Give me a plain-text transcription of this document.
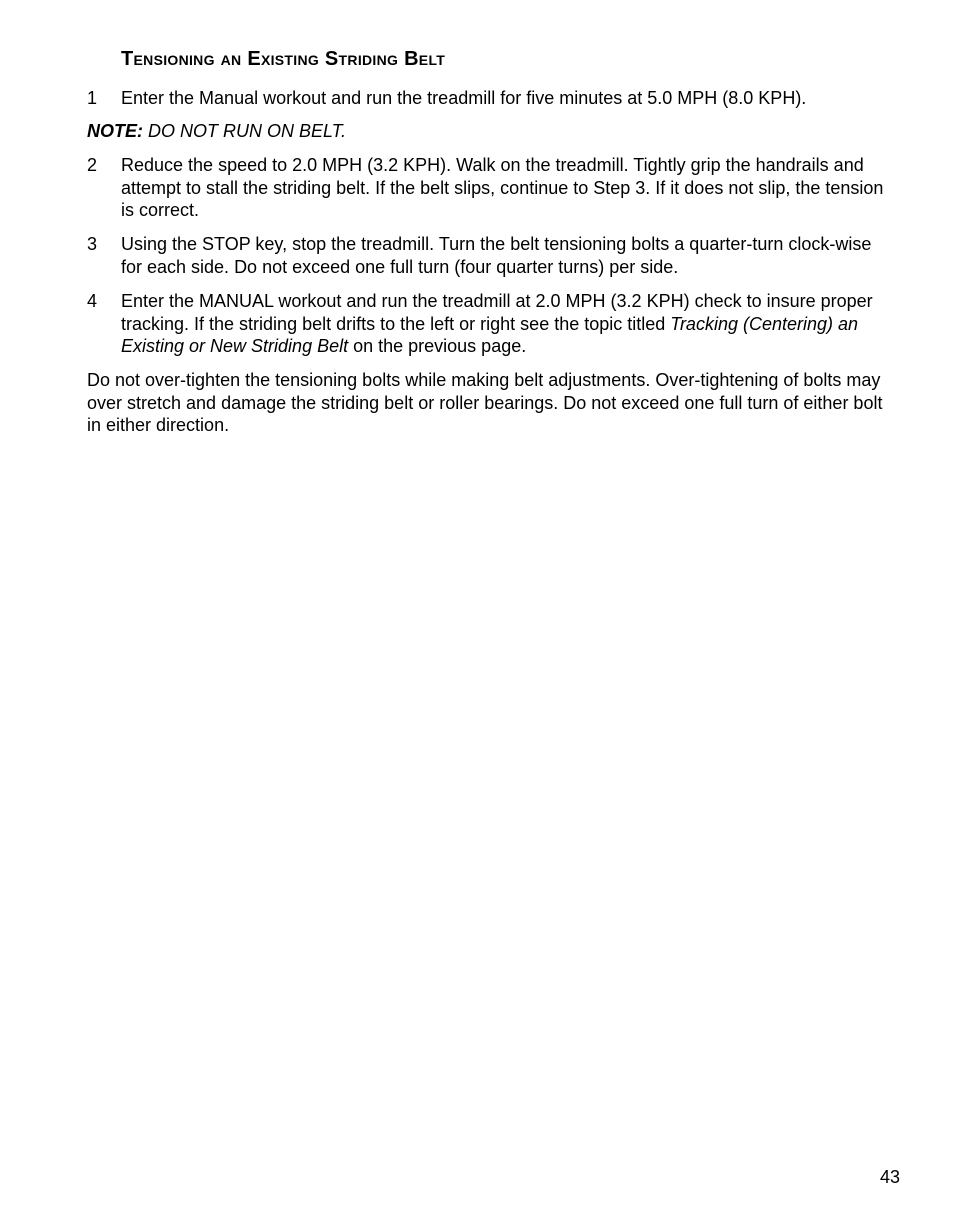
Tensioning an Existing Striding Belt
1	Enter the Manual workout and run the treadmill for five minutes at 5.0 MPH (8.0 KPH).
NOTE: DO NOT RUN ON BELT.
2	Reduce the speed to 2.0 MPH (3.2 KPH). Walk on the treadmill. Tightly grip the handrails and attempt to stall the striding belt. If the belt slips, continue to Step 3. If it does not slip, the tension is correct.
3	Using the STOP key, stop the treadmill. Turn the belt tensioning bolts a quarter-turn clock-wise for each side. Do not exceed one full turn (four quarter turns) per side.
4	Enter the MANUAL workout and run the treadmill at 2.0 MPH (3.2 KPH) check to insure proper tracking. If the striding belt drifts to the left or right see the topic titled Tracking (Centering) an Existing or New Striding Belt on the previous page.
Do not over-tighten the tensioning bolts while making belt adjustments. Over-tightening of bolts may over stretch and damage the striding belt or roller bearings. Do not exceed one full turn of either bolt in either direction.
43
